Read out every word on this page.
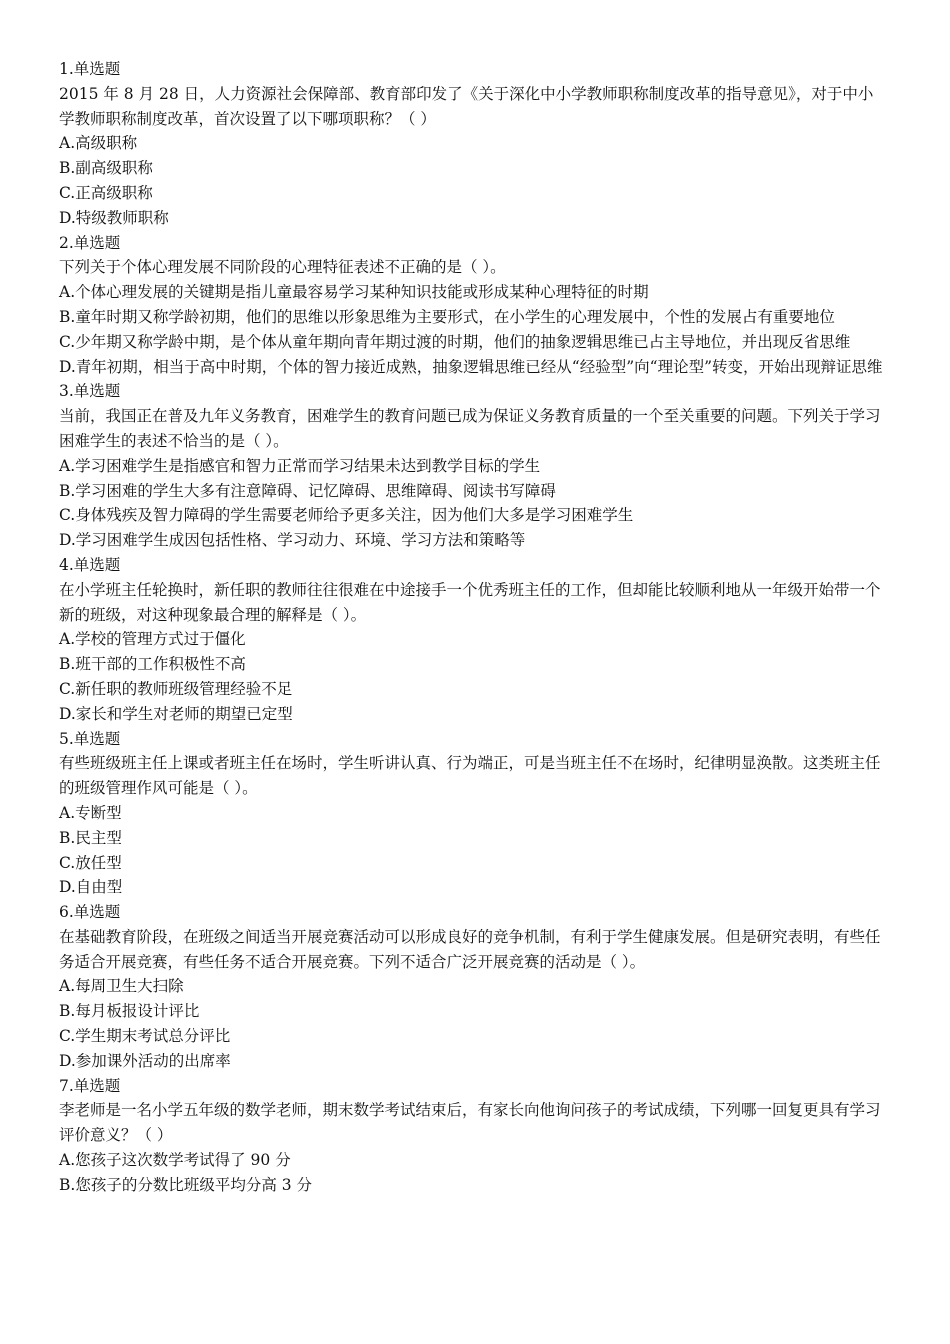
1.单选题
2015 年 8 月 28 日，人力资源社会保障部、教育部印发了《关于深化中小学教师职称制度改革的指导意见》，对于中小学教师职称制度改革，首次设置了以下哪项职称？（ ）
A.高级职称
B.副高级职称
C.正高级职称
D.特级教师职称
2.单选题
下列关于个体心理发展不同阶段的心理特征表述不正确的是（ ）。
A.个体心理发展的关键期是指儿童最容易学习某种知识技能或形成某种心理特征的时期
B.童年时期又称学龄初期，他们的思维以形象思维为主要形式，在小学生的心理发展中，个性的发展占有重要地位
C.少年期又称学龄中期，是个体从童年期向青年期过渡的时期，他们的抽象逻辑思维已占主导地位，并出现反省思维
D.青年初期，相当于高中时期，个体的智力接近成熟，抽象逻辑思维已经从“经验型”向“理论型”转变，开始出现辩证思维
3.单选题
当前，我国正在普及九年义务教育，困难学生的教育问题已成为保证义务教育质量的一个至关重要的问题。下列关于学习困难学生的表述不恰当的是（ ）。
A.学习困难学生是指感官和智力正常而学习结果未达到教学目标的学生
B.学习困难的学生大多有注意障碍、记忆障碍、思维障碍、阅读书写障碍
C.身体残疾及智力障碍的学生需要老师给予更多关注，因为他们大多是学习困难学生
D.学习困难学生成因包括性格、学习动力、环境、学习方法和策略等
4.单选题
在小学班主任轮换时，新任职的教师往往很难在中途接手一个优秀班主任的工作，但却能比较顺利地从一年级开始带一个新的班级，对这种现象最合理的解释是（ ）。
A.学校的管理方式过于僵化
B.班干部的工作积极性不高
C.新任职的教师班级管理经验不足
D.家长和学生对老师的期望已定型
5.单选题
有些班级班主任上课或者班主任在场时，学生听讲认真、行为端正，可是当班主任不在场时，纪律明显涣散。这类班主任的班级管理作风可能是（ ）。
A.专断型
B.民主型
C.放任型
D.自由型
6.单选题
在基础教育阶段，在班级之间适当开展竞赛活动可以形成良好的竞争机制，有利于学生健康发展。但是研究表明，有些任务适合开展竞赛，有些任务不适合开展竞赛。下列不适合广泛开展竞赛的活动是（ ）。
A.每周卫生大扫除
B.每月板报设计评比
C.学生期末考试总分评比
D.参加课外活动的出席率
7.单选题
李老师是一名小学五年级的数学老师，期末数学考试结束后，有家长向他询问孩子的考试成绩，下列哪一回复更具有学习评价意义？（ ）
A.您孩子这次数学考试得了 90 分
B.您孩子的分数比班级平均分高 3 分
